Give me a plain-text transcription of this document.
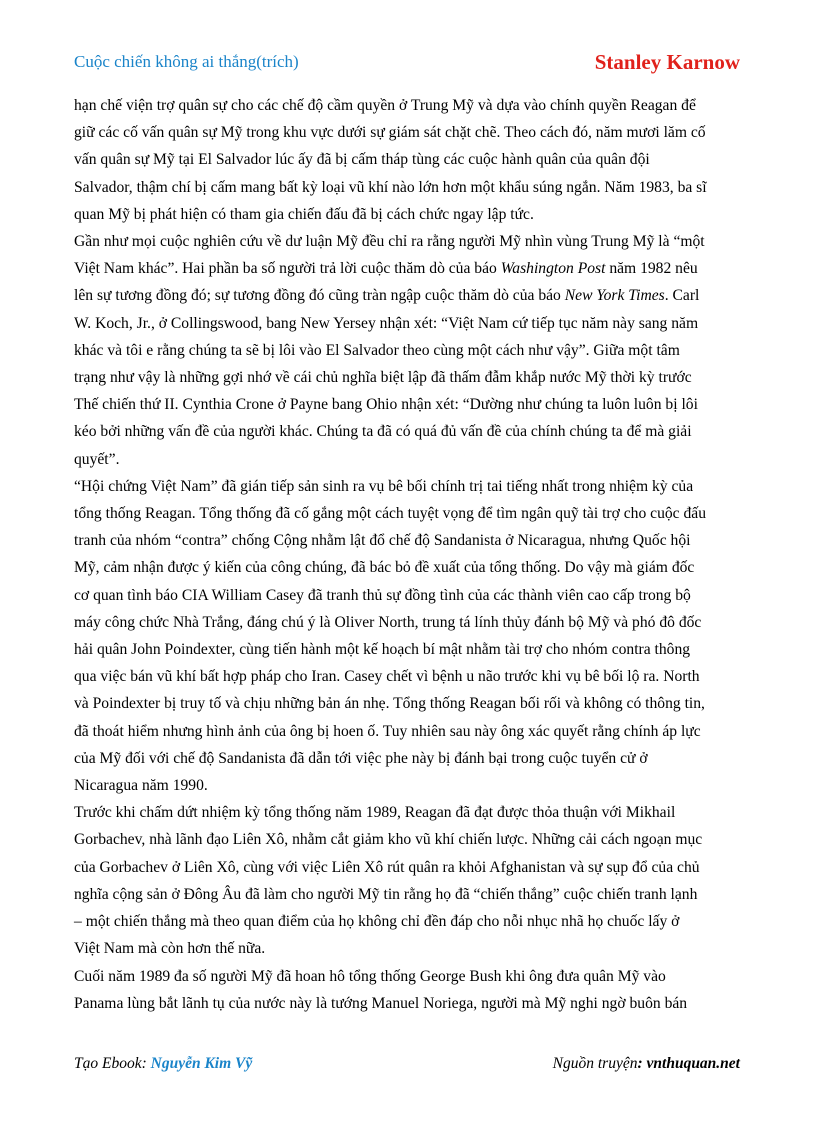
Cuộc chiến không ai thắng(trích)	Stanley Karnow
hạn chế viện trợ quân sự cho các chế độ cầm quyền ở Trung Mỹ và dựa vào chính quyền Reagan để
giữ các cố vấn quân sự Mỹ trong khu vực dưới sự giám sát chặt chẽ. Theo cách đó, năm mươi lăm cố
vấn quân sự Mỹ tại El Salvador lúc ấy đã bị cấm tháp tùng các cuộc hành quân của quân đội
Salvador, thậm chí bị cấm mang bất kỳ loại vũ khí nào lớn hơn một khẩu súng ngắn. Năm 1983, ba sĩ
quan Mỹ bị phát hiện có tham gia chiến đấu đã bị cách chức ngay lập tức.
Gần như mọi cuộc nghiên cứu về dư luận Mỹ đều chỉ ra rằng người Mỹ nhìn vùng Trung Mỹ là “một
Việt Nam khác”. Hai phần ba số người trả lời cuộc thăm dò của báo Washington Post năm 1982 nêu
lên sự tương đồng đó; sự tương đồng đó cũng tràn ngập cuộc thăm dò của báo New York Times. Carl
W. Koch, Jr., ở Collingswood, bang New Yersey nhận xét: “Việt Nam cứ tiếp tục năm này sang năm
khác và tôi e rằng chúng ta sẽ bị lôi vào El Salvador theo cùng một cách như vậy”. Giữa một tâm
trạng như vậy là những gợi nhớ về cái chủ nghĩa biệt lập đã thấm đẫm khắp nước Mỹ thời kỳ trước
Thế chiến thứ II. Cynthia Crone ở Payne bang Ohio nhận xét: “Dường như chúng ta luôn luôn bị lôi
kéo bởi những vấn đề của người khác. Chúng ta đã có quá đủ vấn đề của chính chúng ta để mà giải
quyết”.
“Hội chứng Việt Nam” đã gián tiếp sản sinh ra vụ bê bối chính trị tai tiếng nhất trong nhiệm kỳ của
tổng thống Reagan. Tổng thống đã cố gắng một cách tuyệt vọng để tìm ngân quỹ tài trợ cho cuộc đấu
tranh của nhóm “contra” chống Cộng nhằm lật đổ chế độ Sandanista ở Nicaragua, nhưng Quốc hội
Mỹ, cảm nhận được ý kiến của công chúng, đã bác bỏ đề xuất của tổng thống. Do vậy mà giám đốc
cơ quan tình báo CIA William Casey đã tranh thủ sự đồng tình của các thành viên cao cấp trong bộ
máy công chức Nhà Trắng, đáng chú ý là Oliver North, trung tá lính thủy đánh bộ Mỹ và phó đô đốc
hải quân John Poindexter, cùng tiến hành một kế hoạch bí mật nhằm tài trợ cho nhóm contra thông
qua việc bán vũ khí bất hợp pháp cho Iran. Casey chết vì bệnh u não trước khi vụ bê bối lộ ra. North
và Poindexter bị truy tố và chịu những bản án nhẹ. Tổng thống Reagan bối rối và không có thông tin,
đã thoát hiểm nhưng hình ảnh của ông bị hoen ố. Tuy nhiên sau này ông xác quyết rằng chính áp lực
của Mỹ đối với chế độ Sandanista đã dẫn tới việc phe này bị đánh bại trong cuộc tuyển cử ở
Nicaragua năm 1990.
Trước khi chấm dứt nhiệm kỳ tổng thống năm 1989, Reagan đã đạt được thỏa thuận với Mikhail
Gorbachev, nhà lãnh đạo Liên Xô, nhằm cắt giảm kho vũ khí chiến lược. Những cải cách ngoạn mục
của Gorbachev ở Liên Xô, cùng với việc Liên Xô rút quân ra khỏi Afghanistan và sự sụp đổ của chủ
nghĩa cộng sản ở Đông Âu đã làm cho người Mỹ tin rằng họ đã “chiến thắng” cuộc chiến tranh lạnh
– một chiến thắng mà theo quan điểm của họ không chỉ đền đáp cho nỗi nhục nhã họ chuốc lấy ở
Việt Nam mà còn hơn thế nữa.
Cuối năm 1989 đa số người Mỹ đã hoan hô tổng thống George Bush khi ông đưa quân Mỹ vào
Panama lùng bắt lãnh tụ của nước này là tướng Manuel Noriega, người mà Mỹ nghi ngờ buôn bán
Tạo Ebook: Nguyễn Kim Vỹ	Nguồn truyện: vnthuquan.net
